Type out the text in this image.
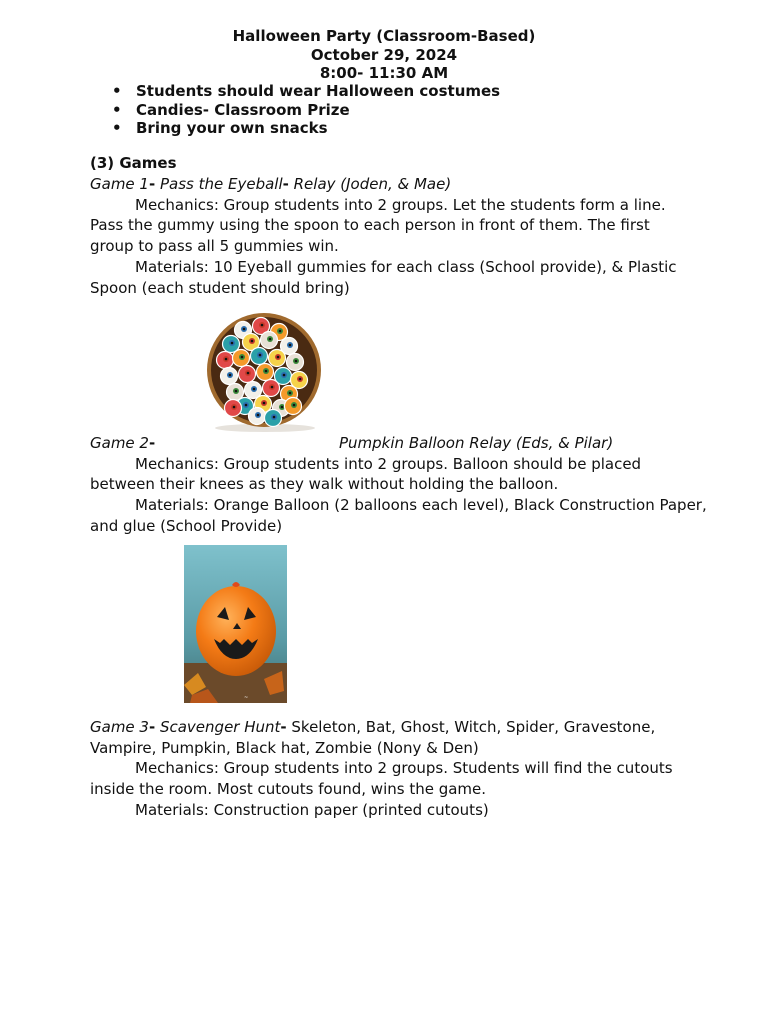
Halloween Party (Classroom-Based)
October 29, 2024
8:00- 11:30 AM
• Students should wear Halloween costumes
• Candies- Classroom Prize
• Bring your own snacks
(3) Games
Game 1- Pass the Eyeball- Relay (Joden, & Mae)
Mechanics: Group students into 2 groups. Let the students form a line. Pass the gummy using the spoon to each person in front of them. The first group to pass all 5 gummies win.
Materials: 10 Eyeball gummies for each class (School provide), & Plastic Spoon (each student should bring)
Game 2-	Pumpkin Balloon Relay (Eds, & Pilar)
Mechanics: Group students into 2 groups. Balloon should be placed between their knees as they walk without holding the balloon.
Materials: Orange Balloon (2 balloons each level), Black Construction Paper, and glue (School Provide)
~
Game 3- Scavenger Hunt- Skeleton, Bat, Ghost, Witch, Spider, Gravestone, Vampire, Pumpkin, Black hat, Zombie (Nony & Den)
Mechanics: Group students into 2 groups. Students will find the cutouts inside the room. Most cutouts found, wins the game.
Materials: Construction paper (printed cutouts)
